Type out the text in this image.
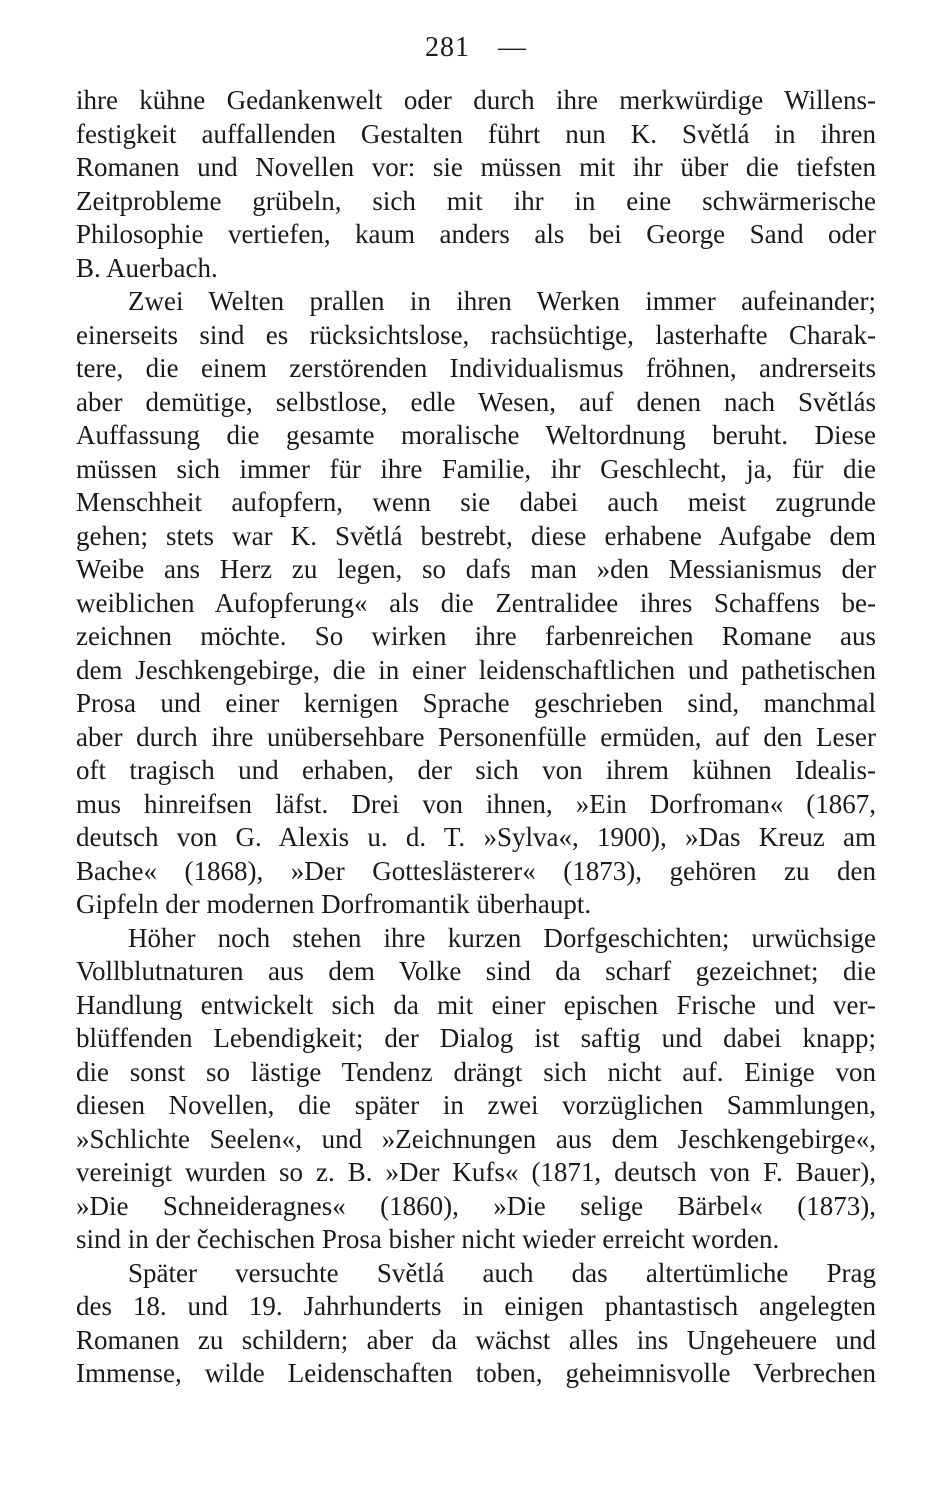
281 —
ihre kühne Gedankenwelt oder durch ihre merkwürdige Willens-
festigkeit auffallenden Gestalten führt nun K. Světlá in ihren
Romanen und Novellen vor: sie müssen mit ihr über die tiefsten
Zeitprobleme grübeln, sich mit ihr in eine schwärmerische
Philosophie vertiefen, kaum anders als bei George Sand oder
B. Auerbach.
Zwei Welten prallen in ihren Werken immer aufeinander;
einerseits sind es rücksichtslose, rachsüchtige, lasterhafte Charak-
tere, die einem zerstörenden Individualismus fröhnen, andrerseits
aber demütige, selbstlose, edle Wesen, auf denen nach Světlás
Auffassung die gesamte moralische Weltordnung beruht. Diese
müssen sich immer für ihre Familie, ihr Geschlecht, ja, für die
Menschheit aufopfern, wenn sie dabei auch meist zugrunde
gehen; stets war K. Světlá bestrebt, diese erhabene Aufgabe dem
Weibe ans Herz zu legen, so dafs man »den Messianismus der
weiblichen Aufopferung« als die Zentralidee ihres Schaffens be-
zeichnen möchte. So wirken ihre farbenreichen Romane aus
dem Jeschkengebirge, die in einer leidenschaftlichen und pathetischen
Prosa und einer kernigen Sprache geschrieben sind, manchmal
aber durch ihre unübersehbare Personenfülle ermüden, auf den Leser
oft tragisch und erhaben, der sich von ihrem kühnen Idealis-
mus hinreifsen läfst. Drei von ihnen, »Ein Dorfroman« (1867,
deutsch von G. Alexis u. d. T. »Sylva«, 1900), »Das Kreuz am
Bache« (1868), »Der Gotteslästerer« (1873), gehören zu den
Gipfeln der modernen Dorfromantik überhaupt.
Höher noch stehen ihre kurzen Dorfgeschichten; urwüchsige
Vollblutnaturen aus dem Volke sind da scharf gezeichnet; die
Handlung entwickelt sich da mit einer epischen Frische und ver-
blüffenden Lebendigkeit; der Dialog ist saftig und dabei knapp;
die sonst so lästige Tendenz drängt sich nicht auf. Einige von
diesen Novellen, die später in zwei vorzüglichen Sammlungen,
»Schlichte Seelen«, und »Zeichnungen aus dem Jeschkengebirge«,
vereinigt wurden so z. B. »Der Kufs« (1871, deutsch von F. Bauer),
»Die Schneideragnes« (1860), »Die selige Bärbel« (1873),
sind in der čechischen Prosa bisher nicht wieder erreicht worden.
Später versuchte Světlá auch das altertümliche Prag
des 18. und 19. Jahrhunderts in einigen phantastisch angelegten
Romanen zu schildern; aber da wächst alles ins Ungeheuere und
Immense, wilde Leidenschaften toben, geheimnisvolle Verbrechen
